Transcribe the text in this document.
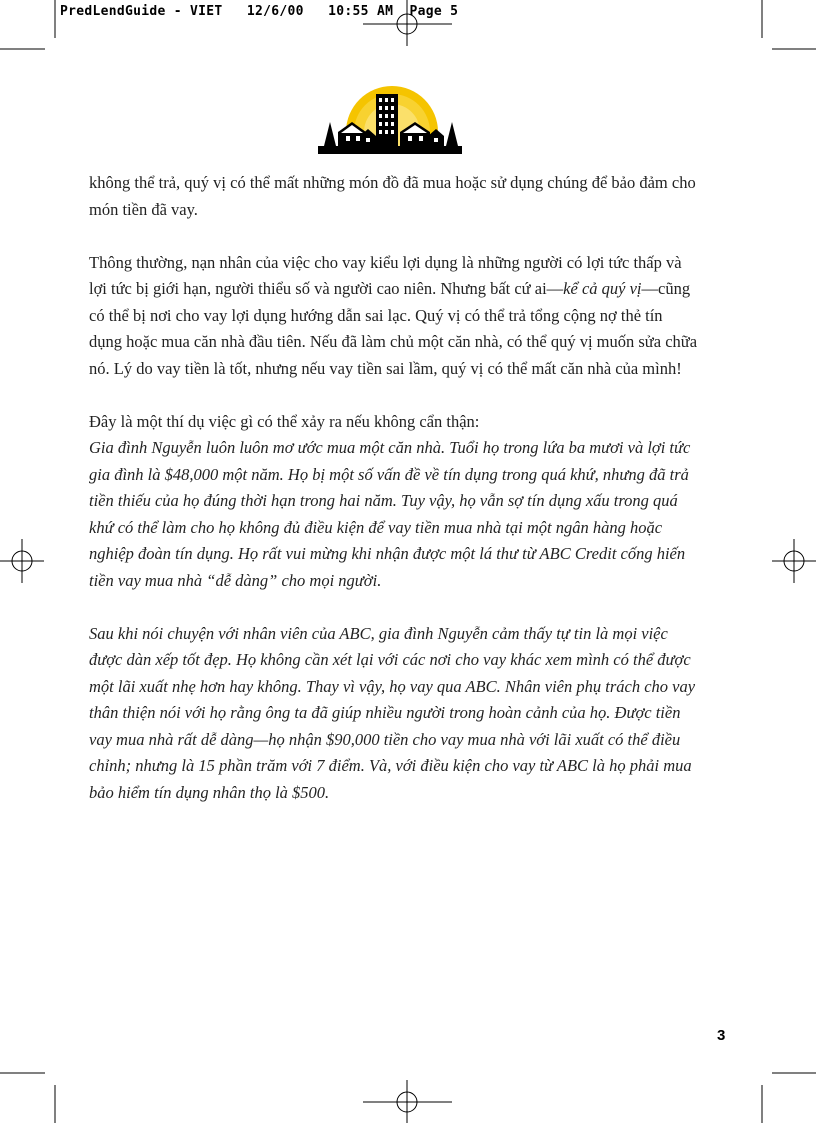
PredLendGuide - VIET   12/6/00   10:55 AM  Page 5

không thể trả, quý vị có thể mất những món đồ đã mua hoặc sử dụng chúng để bảo đảm cho món tiền đã vay.

Thông thường, nạn nhân của việc cho vay kiểu lợi dụng là những người có lợi tức thấp và lợi tức bị giới hạn, người thiểu số và người cao niên. Nhưng bất cứ ai—kể cả quý vị—cũng có thể bị nơi cho vay lợi dụng hướng dẫn sai lạc. Quý vị có thể trả tổng cộng nợ thẻ tín dụng hoặc mua căn nhà đầu tiên. Nếu đã làm chủ một căn nhà, có thể quý vị muốn sửa chữa nó. Lý do vay tiền là tốt, nhưng nếu vay tiền sai lầm, quý vị có thể mất căn nhà của mình!

Đây là một thí dụ việc gì có thể xảy ra nếu không cẩn thận:

Gia đình Nguyễn luôn luôn mơ ước mua một căn nhà. Tuổi họ trong lứa ba mươi và lợi tức gia đình là $48,000 một năm. Họ bị một số vấn đề về tín dụng trong quá khứ, nhưng đã trả tiền thiếu của họ đúng thời hạn trong hai năm. Tuy vậy, họ vẫn sợ tín dụng xấu trong quá khứ có thể làm cho họ không đủ điều kiện để vay tiền mua nhà tại một ngân hàng hoặc nghiệp đoàn tín dụng. Họ rất vui mừng khi nhận được một lá thư từ ABC Credit cống hiến tiền vay mua nhà “dễ dàng” cho mọi người.

Sau khi nói chuyện với nhân viên của ABC, gia đình Nguyễn cảm thấy tự tin là mọi việc được dàn xếp tốt đẹp. Họ không cần xét lại với các nơi cho vay khác xem mình có thể được một lãi xuất nhẹ hơn hay không. Thay vì vậy, họ vay qua ABC. Nhân viên phụ trách cho vay thân thiện nói với họ rằng ông ta đã giúp nhiều người trong hoàn cảnh của họ. Được tiền vay mua nhà rất dễ dàng—họ nhận $90,000 tiền cho vay mua nhà với lãi xuất có thể điều chỉnh; nhưng là 15 phần trăm với 7 điểm. Và, với điều kiện cho vay từ ABC là họ phải mua bảo hiểm tín dụng nhân thọ là $500.

3
